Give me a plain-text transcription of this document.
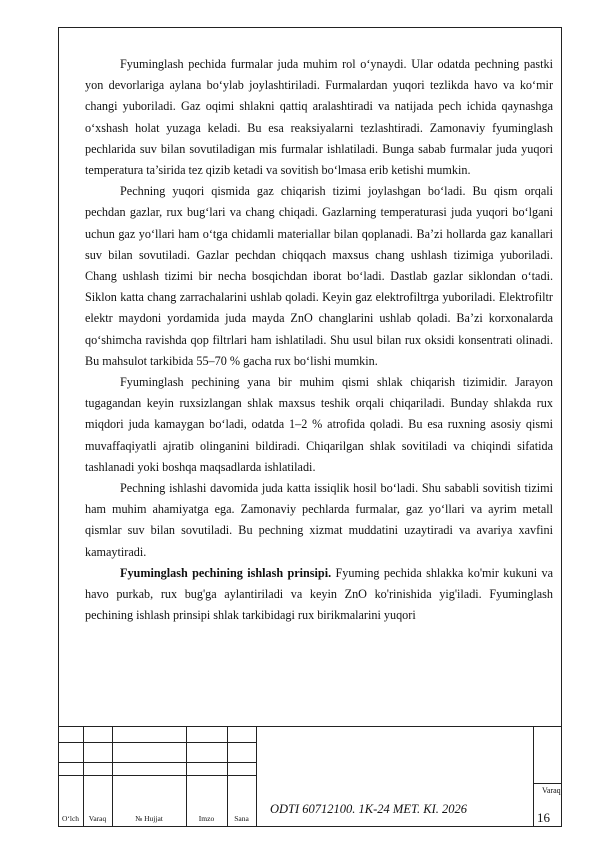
Fyuminglash pechida furmalar juda muhim rol o‘ynaydi. Ular odatda pechning pastki yon devorlariga aylana bo‘ylab joylashtiriladi. Furmalardan yuqori tezlikda havo va ko‘mir changi yuboriladi. Gaz oqimi shlakni qattiq aralashtiradi va natijada pech ichida qaynashga o‘xshash holat yuzaga keladi. Bu esa reaksiyalarni tezlashtiradi. Zamonaviy fyuminglash pechlarida suv bilan sovutiladigan mis furmalar ishlatiladi. Bunga sabab furmalar juda yuqori temperatura ta’sirida tez qizib ketadi va sovitish bo‘lmasa erib ketishi mumkin.

Pechning yuqori qismida gaz chiqarish tizimi joylashgan bo‘ladi. Bu qism orqali pechdan gazlar, rux bug‘lari va chang chiqadi. Gazlarning temperaturasi juda yuqori bo‘lgani uchun gaz yo‘llari ham o‘tga chidamli materiallar bilan qoplanadi. Ba’zi hollarda gaz kanallari suv bilan sovutiladi. Gazlar pechdan chiqqach maxsus chang ushlash tizimiga yuboriladi. Chang ushlash tizimi bir necha bosqichdan iborat bo‘ladi. Dastlab gazlar siklondan o‘tadi. Siklon katta chang zarrachalarini ushlab qoladi. Keyin gaz elektrofiltrga yuboriladi. Elektrofiltr elektr maydoni yordamida juda mayda ZnO changlarini ushlab qoladi. Ba’zi korxonalarda qo‘shimcha ravishda qop filtrlari ham ishlatiladi. Shu usul bilan rux oksidi konsentrati olinadi. Bu mahsulot tarkibida 55–70 % gacha rux bo‘lishi mumkin.

Fyuminglash pechining yana bir muhim qismi shlak chiqarish tizimidir. Jarayon tugagandan keyin ruxsizlangan shlak maxsus teshik orqali chiqariladi. Bunday shlakda rux miqdori juda kamaygan bo‘ladi, odatda 1–2 % atrofida qoladi. Bu esa ruxning asosiy qismi muvaffaqiyatli ajratib olinganini bildiradi. Chiqarilgan shlak sovitiladi va chiqindi sifatida tashlanadi yoki boshqa maqsadlarda ishlatiladi.

Pechning ishlashi davomida juda katta issiqlik hosil bo‘ladi. Shu sababli sovitish tizimi ham muhim ahamiyatga ega. Zamonaviy pechlarda furmalar, gaz yo‘llari va ayrim metall qismlar suv bilan sovutiladi. Bu pechning xizmat muddatini uzaytiradi va avariya xavfini kamaytiradi.

Fyuminglash pechining ishlash prinsipi. Fyuming pechida shlakka ko'mir kukuni va havo purkab, rux bug'ga aylantiriladi va keyin ZnO ko'rinishida yig'iladi. Fyuminglash pechining ishlash prinsipi shlak tarkibidagi rux birikmalarini yuqori

O‘lch	Varaq	№ Hujjat	Imzo	Sana
ODTI 60712100. 1K-24 MET. KI. 2026
Varaq
16
